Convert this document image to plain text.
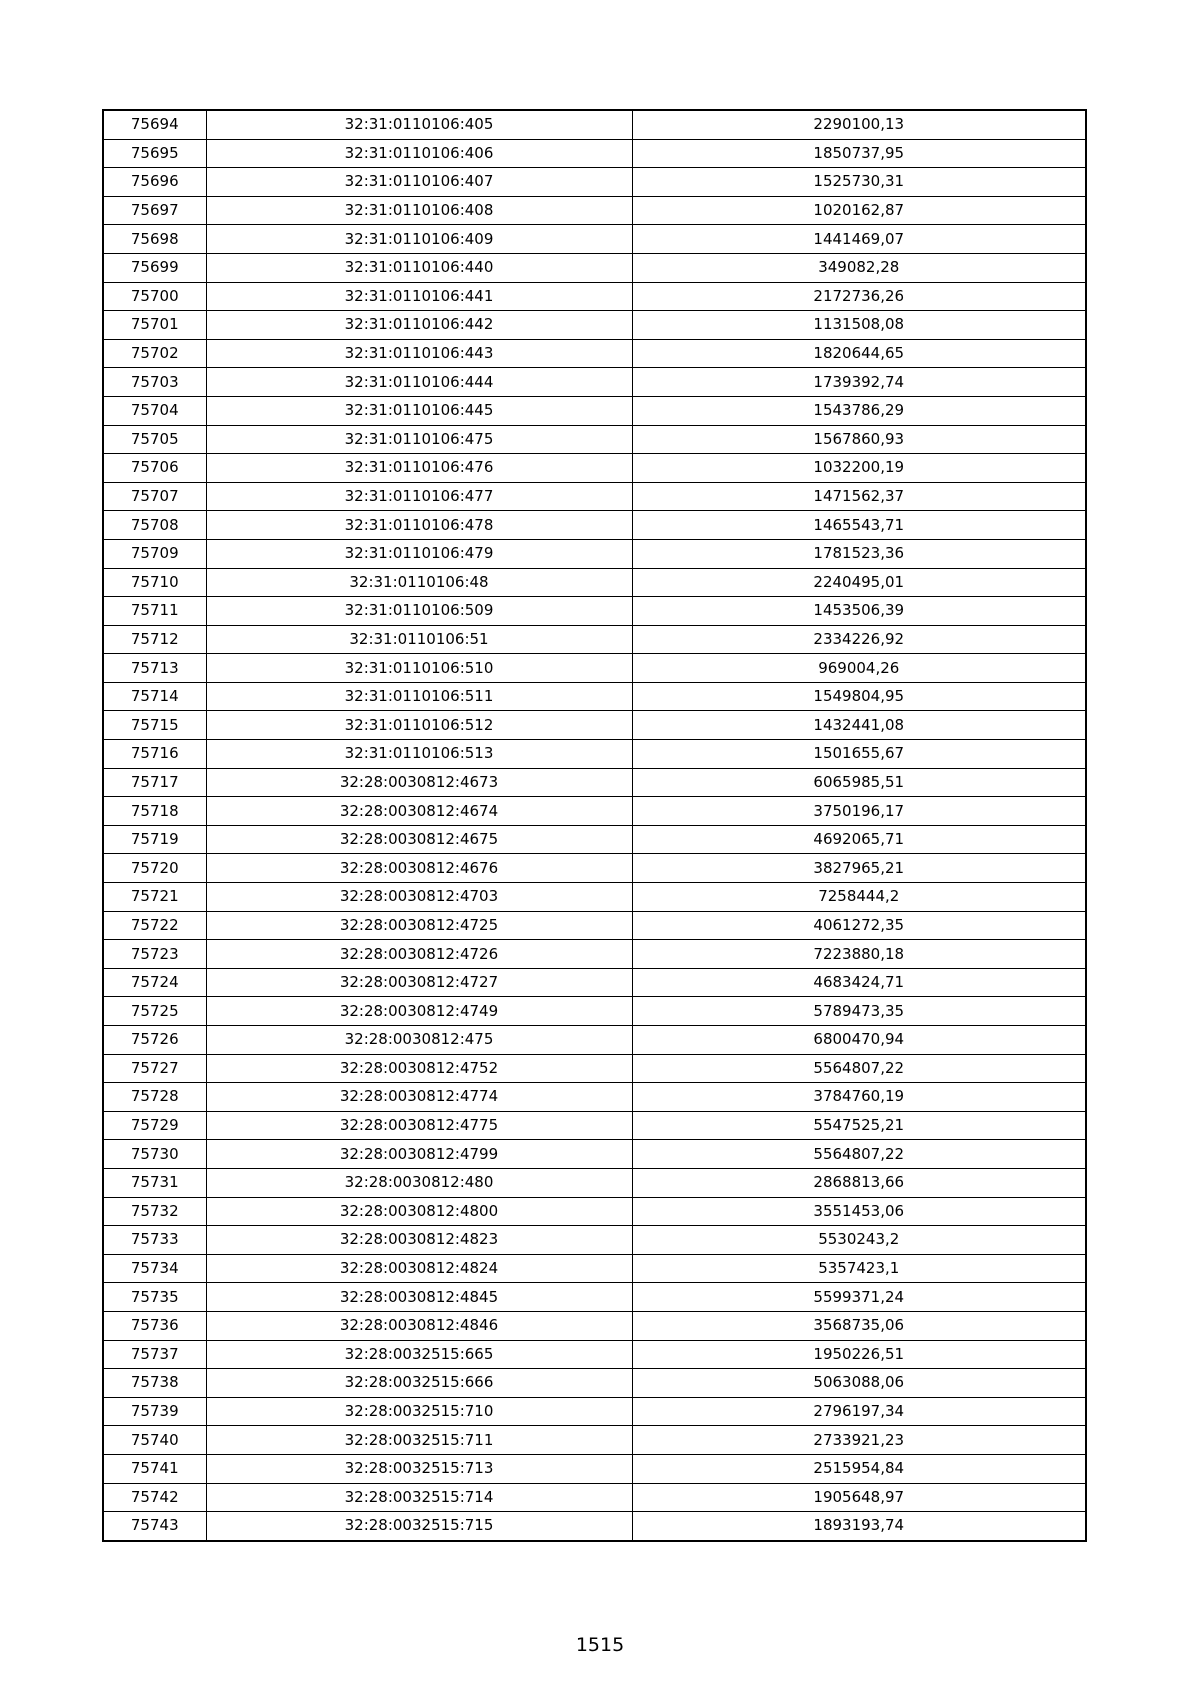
75694	32:31:0110106:405	2290100,13
75695	32:31:0110106:406	1850737,95
75696	32:31:0110106:407	1525730,31
75697	32:31:0110106:408	1020162,87
75698	32:31:0110106:409	1441469,07
75699	32:31:0110106:440	349082,28
75700	32:31:0110106:441	2172736,26
75701	32:31:0110106:442	1131508,08
75702	32:31:0110106:443	1820644,65
75703	32:31:0110106:444	1739392,74
75704	32:31:0110106:445	1543786,29
75705	32:31:0110106:475	1567860,93
75706	32:31:0110106:476	1032200,19
75707	32:31:0110106:477	1471562,37
75708	32:31:0110106:478	1465543,71
75709	32:31:0110106:479	1781523,36
75710	32:31:0110106:48	2240495,01
75711	32:31:0110106:509	1453506,39
75712	32:31:0110106:51	2334226,92
75713	32:31:0110106:510	969004,26
75714	32:31:0110106:511	1549804,95
75715	32:31:0110106:512	1432441,08
75716	32:31:0110106:513	1501655,67
75717	32:28:0030812:4673	6065985,51
75718	32:28:0030812:4674	3750196,17
75719	32:28:0030812:4675	4692065,71
75720	32:28:0030812:4676	3827965,21
75721	32:28:0030812:4703	7258444,2
75722	32:28:0030812:4725	4061272,35
75723	32:28:0030812:4726	7223880,18
75724	32:28:0030812:4727	4683424,71
75725	32:28:0030812:4749	5789473,35
75726	32:28:0030812:475	6800470,94
75727	32:28:0030812:4752	5564807,22
75728	32:28:0030812:4774	3784760,19
75729	32:28:0030812:4775	5547525,21
75730	32:28:0030812:4799	5564807,22
75731	32:28:0030812:480	2868813,66
75732	32:28:0030812:4800	3551453,06
75733	32:28:0030812:4823	5530243,2
75734	32:28:0030812:4824	5357423,1
75735	32:28:0030812:4845	5599371,24
75736	32:28:0030812:4846	3568735,06
75737	32:28:0032515:665	1950226,51
75738	32:28:0032515:666	5063088,06
75739	32:28:0032515:710	2796197,34
75740	32:28:0032515:711	2733921,23
75741	32:28:0032515:713	2515954,84
75742	32:28:0032515:714	1905648,97
75743	32:28:0032515:715	1893193,74
1515
